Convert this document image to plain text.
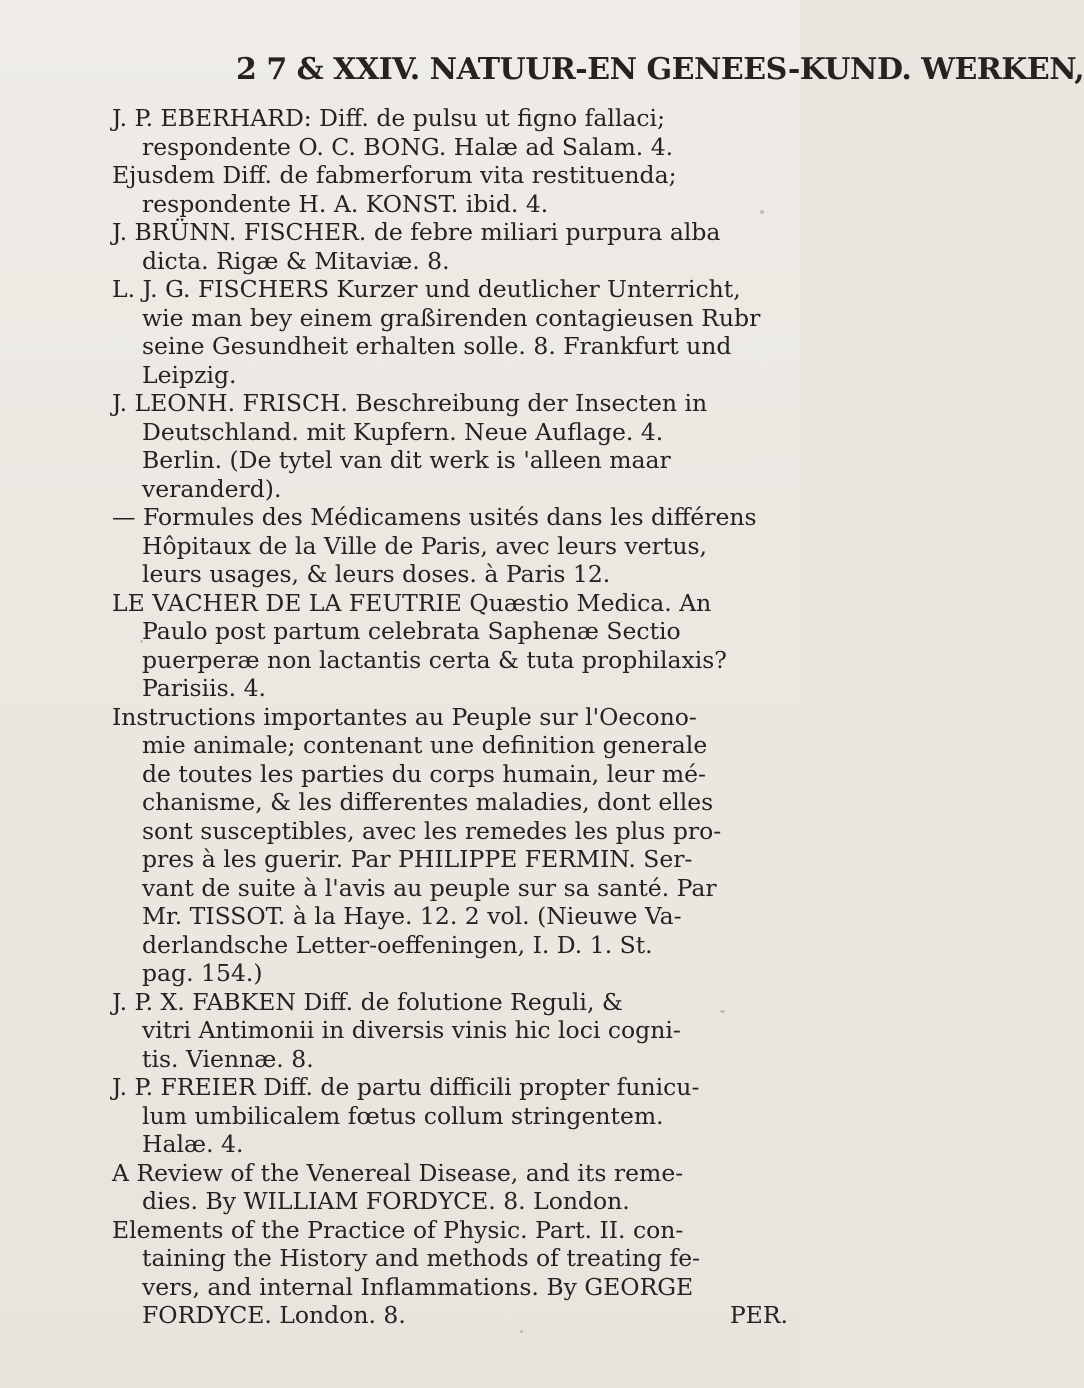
2 7 & XXIV. NATUUR-EN GENEES-KUND. WERKEN,
J. P. EBERHARD: Diff. de pulsu ut figno fallaci;
respondente O. C. BONG. Halæ ad Salam. 4.
Ejusdem Diff. de fabmerforum vita restituenda;
respondente H. A. KONST. ibid. 4.
J. BRÜNN. FISCHER. de febre miliari purpura alba
dicta. Rigæ & Mitaviæ. 8.
L. J. G. FISCHERS Kurzer und deutlicher Unterricht,
wie man bey einem graßirenden contagieusen Rubr
seine Gesundheit erhalten solle. 8. Frankfurt und
Leipzig.
J. LEONH. FRISCH. Beschreibung der Insecten in
Deutschland. mit Kupfern. Neue Auflage. 4.
Berlin. (De tytel van dit werk is 'alleen maar
veranderd).
— Formules des Médicamens usités dans les différens
Hôpitaux de la Ville de Paris, avec leurs vertus,
leurs usages, & leurs doses. à Paris 12.
LE VACHER DE LA FEUTRIE Quæstio Medica. An
Paulo post partum celebrata Saphenæ Sectio
puerperæ non lactantis certa & tuta prophilaxis?
Parisiis. 4.
Instructions importantes au Peuple sur l'Oecono-
mie animale; contenant une definition generale
de toutes les parties du corps humain, leur mé-
chanisme, & les differentes maladies, dont elles
sont susceptibles, avec les remedes les plus pro-
pres à les guerir. Par PHILIPPE FERMIN. Ser-
vant de suite à l'avis au peuple sur sa santé. Par
Mr. TISSOT. à la Haye. 12. 2 vol. (Nieuwe Va-
derlandsche Letter-oeffeningen, I. D. 1. St.
pag. 154.)
J. P. X. FABKEN Diff. de folutione Reguli, &
vitri Antimonii in diversis vinis hic loci cogni-
tis. Viennæ. 8.
J. P. FREIER Diff. de partu difficili propter funicu-
lum umbilicalem fœtus collum stringentem.
Halæ. 4.
A Review of the Venereal Disease, and its reme-
dies. By WILLIAM FORDYCE. 8. London.
Elements of the Practice of Physic. Part. II. con-
taining the History and methods of treating fe-
vers, and internal Inflammations. By GEORGE
FORDYCE. London. 8.	PER.
